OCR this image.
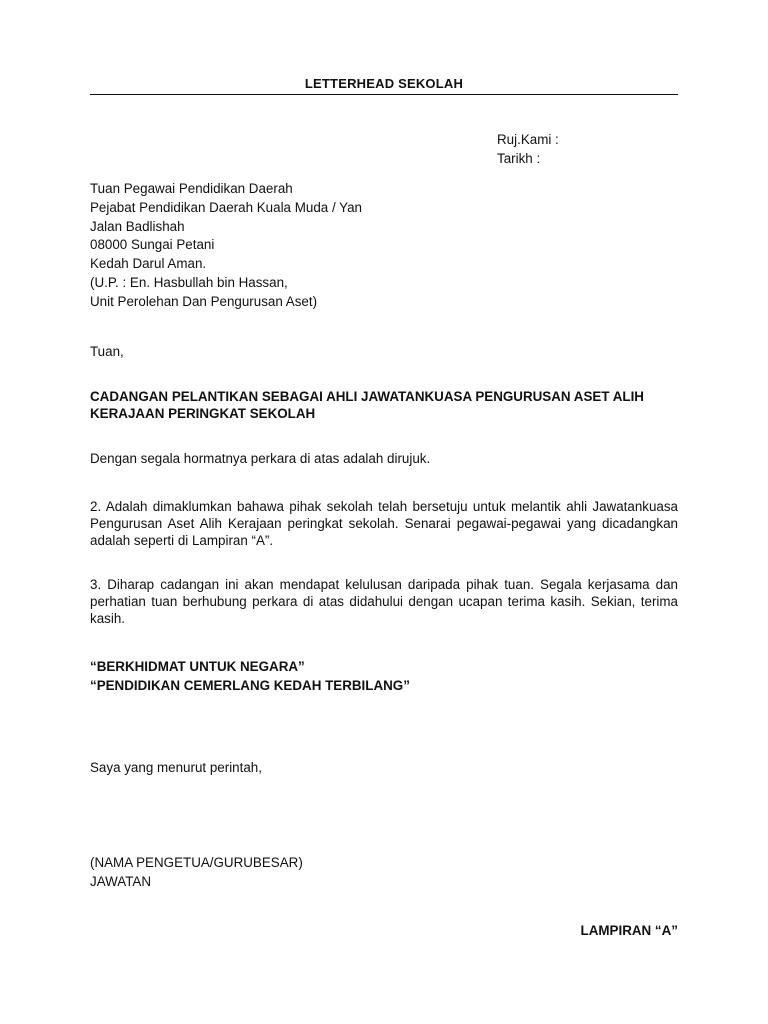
LETTERHEAD SEKOLAH
Ruj.Kami :
Tarikh :
Tuan Pegawai Pendidikan Daerah
Pejabat Pendidikan Daerah Kuala Muda / Yan
Jalan Badlishah
08000 Sungai Petani
Kedah Darul Aman.
(U.P. : En. Hasbullah bin Hassan,
Unit Perolehan Dan Pengurusan Aset)
Tuan,
CADANGAN PELANTIKAN SEBAGAI AHLI JAWATANKUASA PENGURUSAN ASET ALIH KERAJAAN PERINGKAT SEKOLAH
Dengan segala hormatnya perkara di atas adalah dirujuk.
2. Adalah dimaklumkan bahawa pihak sekolah telah bersetuju untuk melantik ahli Jawatankuasa Pengurusan Aset Alih Kerajaan peringkat sekolah. Senarai pegawai-pegawai yang dicadangkan adalah seperti di Lampiran “A”.
3. Diharap cadangan ini akan mendapat kelulusan daripada pihak tuan. Segala kerjasama dan perhatian tuan berhubung perkara di atas didahului dengan ucapan terima kasih. Sekian, terima kasih.
“BERKHIDMAT UNTUK NEGARA”
“PENDIDIKAN CEMERLANG KEDAH TERBILANG”
Saya yang menurut perintah,
(NAMA PENGETUA/GURUBESAR)
JAWATAN
LAMPIRAN “A”
